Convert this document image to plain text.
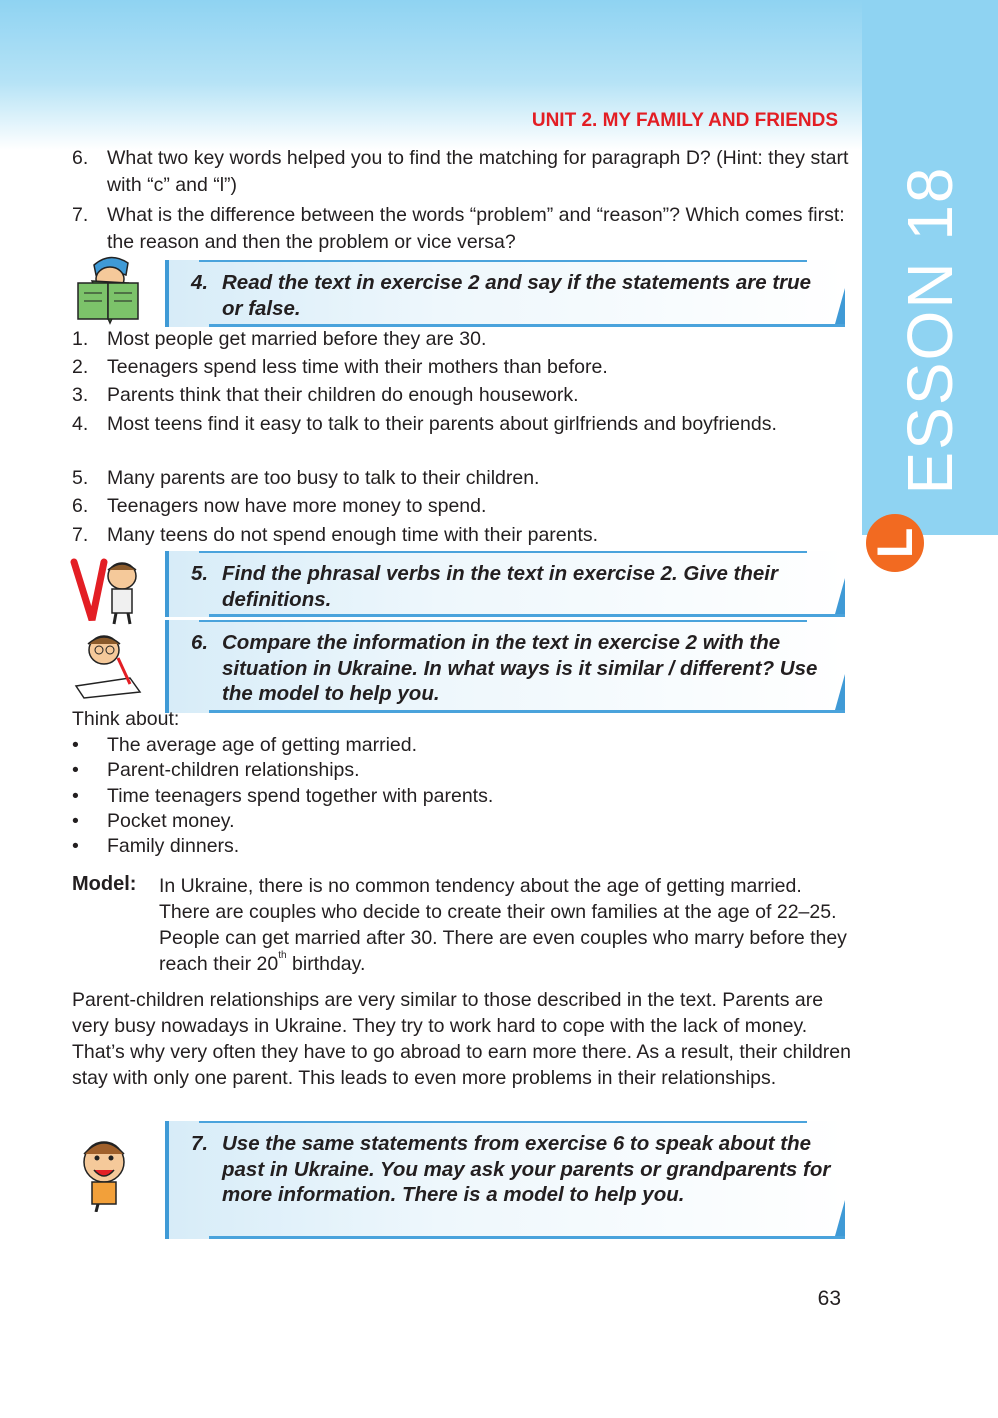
ESSON 18
L
UNIT 2. MY FAMILY AND FRIENDS
6. What two key words helped you to find the matching for paragraph D? (Hint: they start with “c” and “l”)
7. What is the difference between the words “problem” and “reason”? Which comes first: the reason and then the problem or vice versa?
4. Read the text in exercise 2 and say if the statements are true or false.
1. Most people get married before they are 30.
2. Teenagers spend less time with their mothers than before.
3. Parents think that their children do enough housework.
4. Most teens find it easy to talk to their parents about girlfriends and boyfriends.
5. Many parents are too busy to talk to their children.
6. Teenagers now have more money to spend.
7. Many teens do not spend enough time with their parents.
5. Find the phrasal verbs in the text in exercise 2. Give their definitions.
6. Compare the information in the text in exercise 2 with the situation in Ukraine. In what ways is it similar / different? Use the model to help you.
Think about:
• The average age of getting married.
• Parent-children relationships.
• Time teenagers spend together with parents.
• Pocket money.
• Family dinners.
Model: In Ukraine, there is no common tendency about the age of getting married. There are couples who decide to create their own families at the age of 22–25. People can get married after 30. There are even couples who marry before they reach their 20th birthday.
Parent-children relationships are very similar to those described in the text. Parents are very busy nowadays in Ukraine. They try to work hard to cope with the lack of money. That’s why very often they have to go abroad to earn more there. As a result, their children stay with only one parent. This leads to even more problems in their relationships.
7. Use the same statements from exercise 6 to speak about the past in Ukraine. You may ask your parents or grandparents for more information. There is a model to help you.
63
